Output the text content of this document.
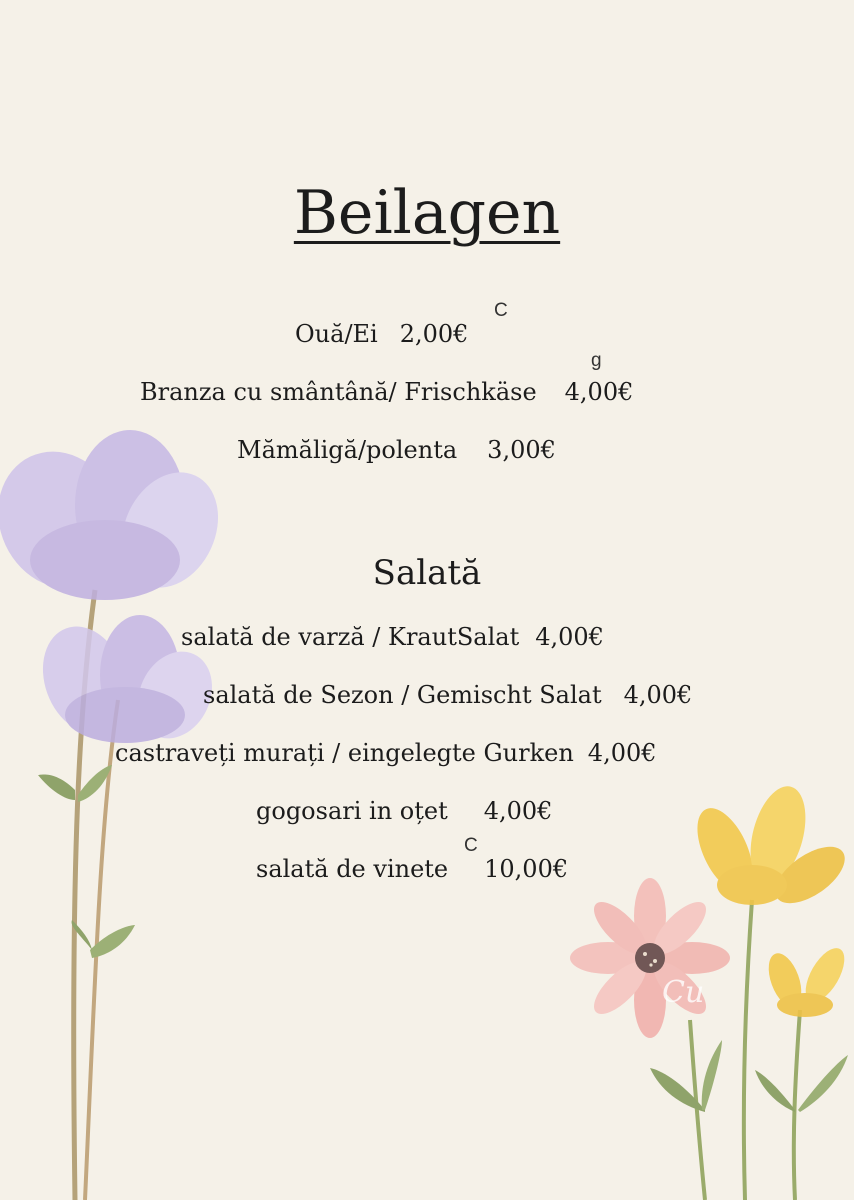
Beilagen
Ouă/Ei 2,00€
C
Branza cu smântână/ Frischkäse 4,00€
g
Mămăligă/polenta 3,00€
Salată
salată de varză / KrautSalat 4,00€
salată de Sezon / Gemischt Salat 4,00€
castraveți murați / eingelegte Gurken 4,00€
gogosari in oțet 4,00€
salată de vinete 10,00€
C
Cu
